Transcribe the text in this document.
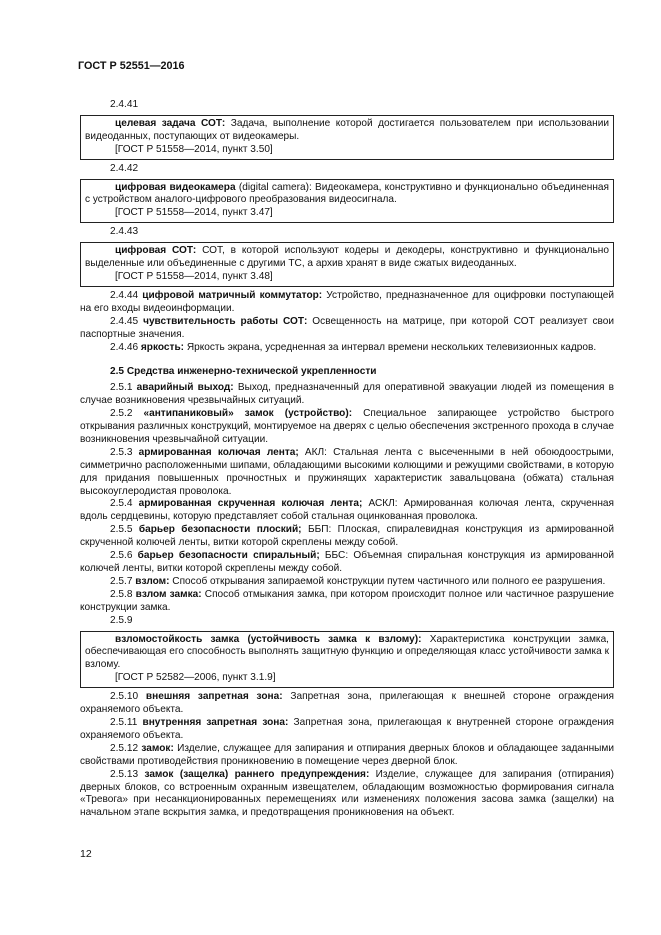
ГОСТ Р 52551—2016

2.4.41

целевая задача СОТ: Задача, выполнение которой достигается пользователем при использовании видеоданных, поступающих от видеокамеры.

[ГОСТ Р 51558—2014, пункт 3.50]

2.4.42

цифровая видеокамера (digital camera): Видеокамера, конструктивно и функционально объединенная с устройством аналого-цифрового преобразования видеосигнала.

[ГОСТ Р 51558—2014, пункт 3.47]

2.4.43

цифровая СОТ: СОТ, в которой используют кодеры и декодеры, конструктивно и функционально выделенные или объединенные с другими ТС, а архив хранят в виде сжатых видеоданных.

[ГОСТ Р 51558—2014, пункт 3.48]

2.4.44 цифровой матричный коммутатор: Устройство, предназначенное для оцифровки поступающей на его входы видеоинформации.

2.4.45 чувствительность работы СОТ: Освещенность на матрице, при которой СОТ реализует свои паспортные значения.

2.4.46 яркость: Яркость экрана, усредненная за интервал времени нескольких телевизионных кадров.

2.5 Средства инженерно-технической укрепленности

2.5.1 аварийный выход: Выход, предназначенный для оперативной эвакуации людей из помещения в случае возникновения чрезвычайных ситуаций.

2.5.2 «антипаниковый» замок (устройство): Специальное запирающее устройство быстрого открывания различных конструкций, монтируемое на дверях с целью обеспечения экстренного прохода в случае возникновения чрезвычайной ситуации.

2.5.3 армированная колючая лента; АКЛ: Стальная лента с высеченными в ней обоюдоострыми, симметрично расположенными шипами, обладающими высокими колющими и режущими свойствами, в которую для придания повышенных прочностных и пружинящих характеристик завальцована (обжата) стальная высокоуглеродистая проволока.

2.5.4 армированная скрученная колючая лента; АСКЛ: Армированная колючая лента, скрученная вдоль сердцевины, которую представляет собой стальная оцинкованная проволока.

2.5.5 барьер безопасности плоский; ББП: Плоская, спиралевидная конструкция из армированной скрученной колючей ленты, витки которой скреплены между собой.

2.5.6 барьер безопасности спиральный; ББС: Объемная спиральная конструкция из армированной колючей ленты, витки которой скреплены между собой.

2.5.7 взлом: Способ открывания запираемой конструкции путем частичного или полного ее разрушения.

2.5.8 взлом замка: Способ отмыкания замка, при котором происходит полное или частичное разрушение конструкции замка.

2.5.9

взломостойкость замка (устойчивость замка к взлому): Характеристика конструкции замка, обеспечивающая его способность выполнять защитную функцию и определяющая класс устойчивости замка к взлому.

[ГОСТ Р 52582—2006, пункт 3.1.9]

2.5.10 внешняя запретная зона: Запретная зона, прилегающая к внешней стороне ограждения охраняемого объекта.

2.5.11 внутренняя запретная зона: Запретная зона, прилегающая к внутренней стороне ограждения охраняемого объекта.

2.5.12 замок: Изделие, служащее для запирания и отпирания дверных блоков и обладающее заданными свойствами противодействия проникновению в помещение через дверной блок.

2.5.13 замок (защелка) раннего предупреждения: Изделие, служащее для запирания (отпирания) дверных блоков, со встроенным охранным извещателем, обладающим возможностью формирования сигнала «Тревога» при несанкционированных перемещениях или изменениях положения засова замка (защелки) на начальном этапе вскрытия замка, и предотвращения проникновения на объект.

12
